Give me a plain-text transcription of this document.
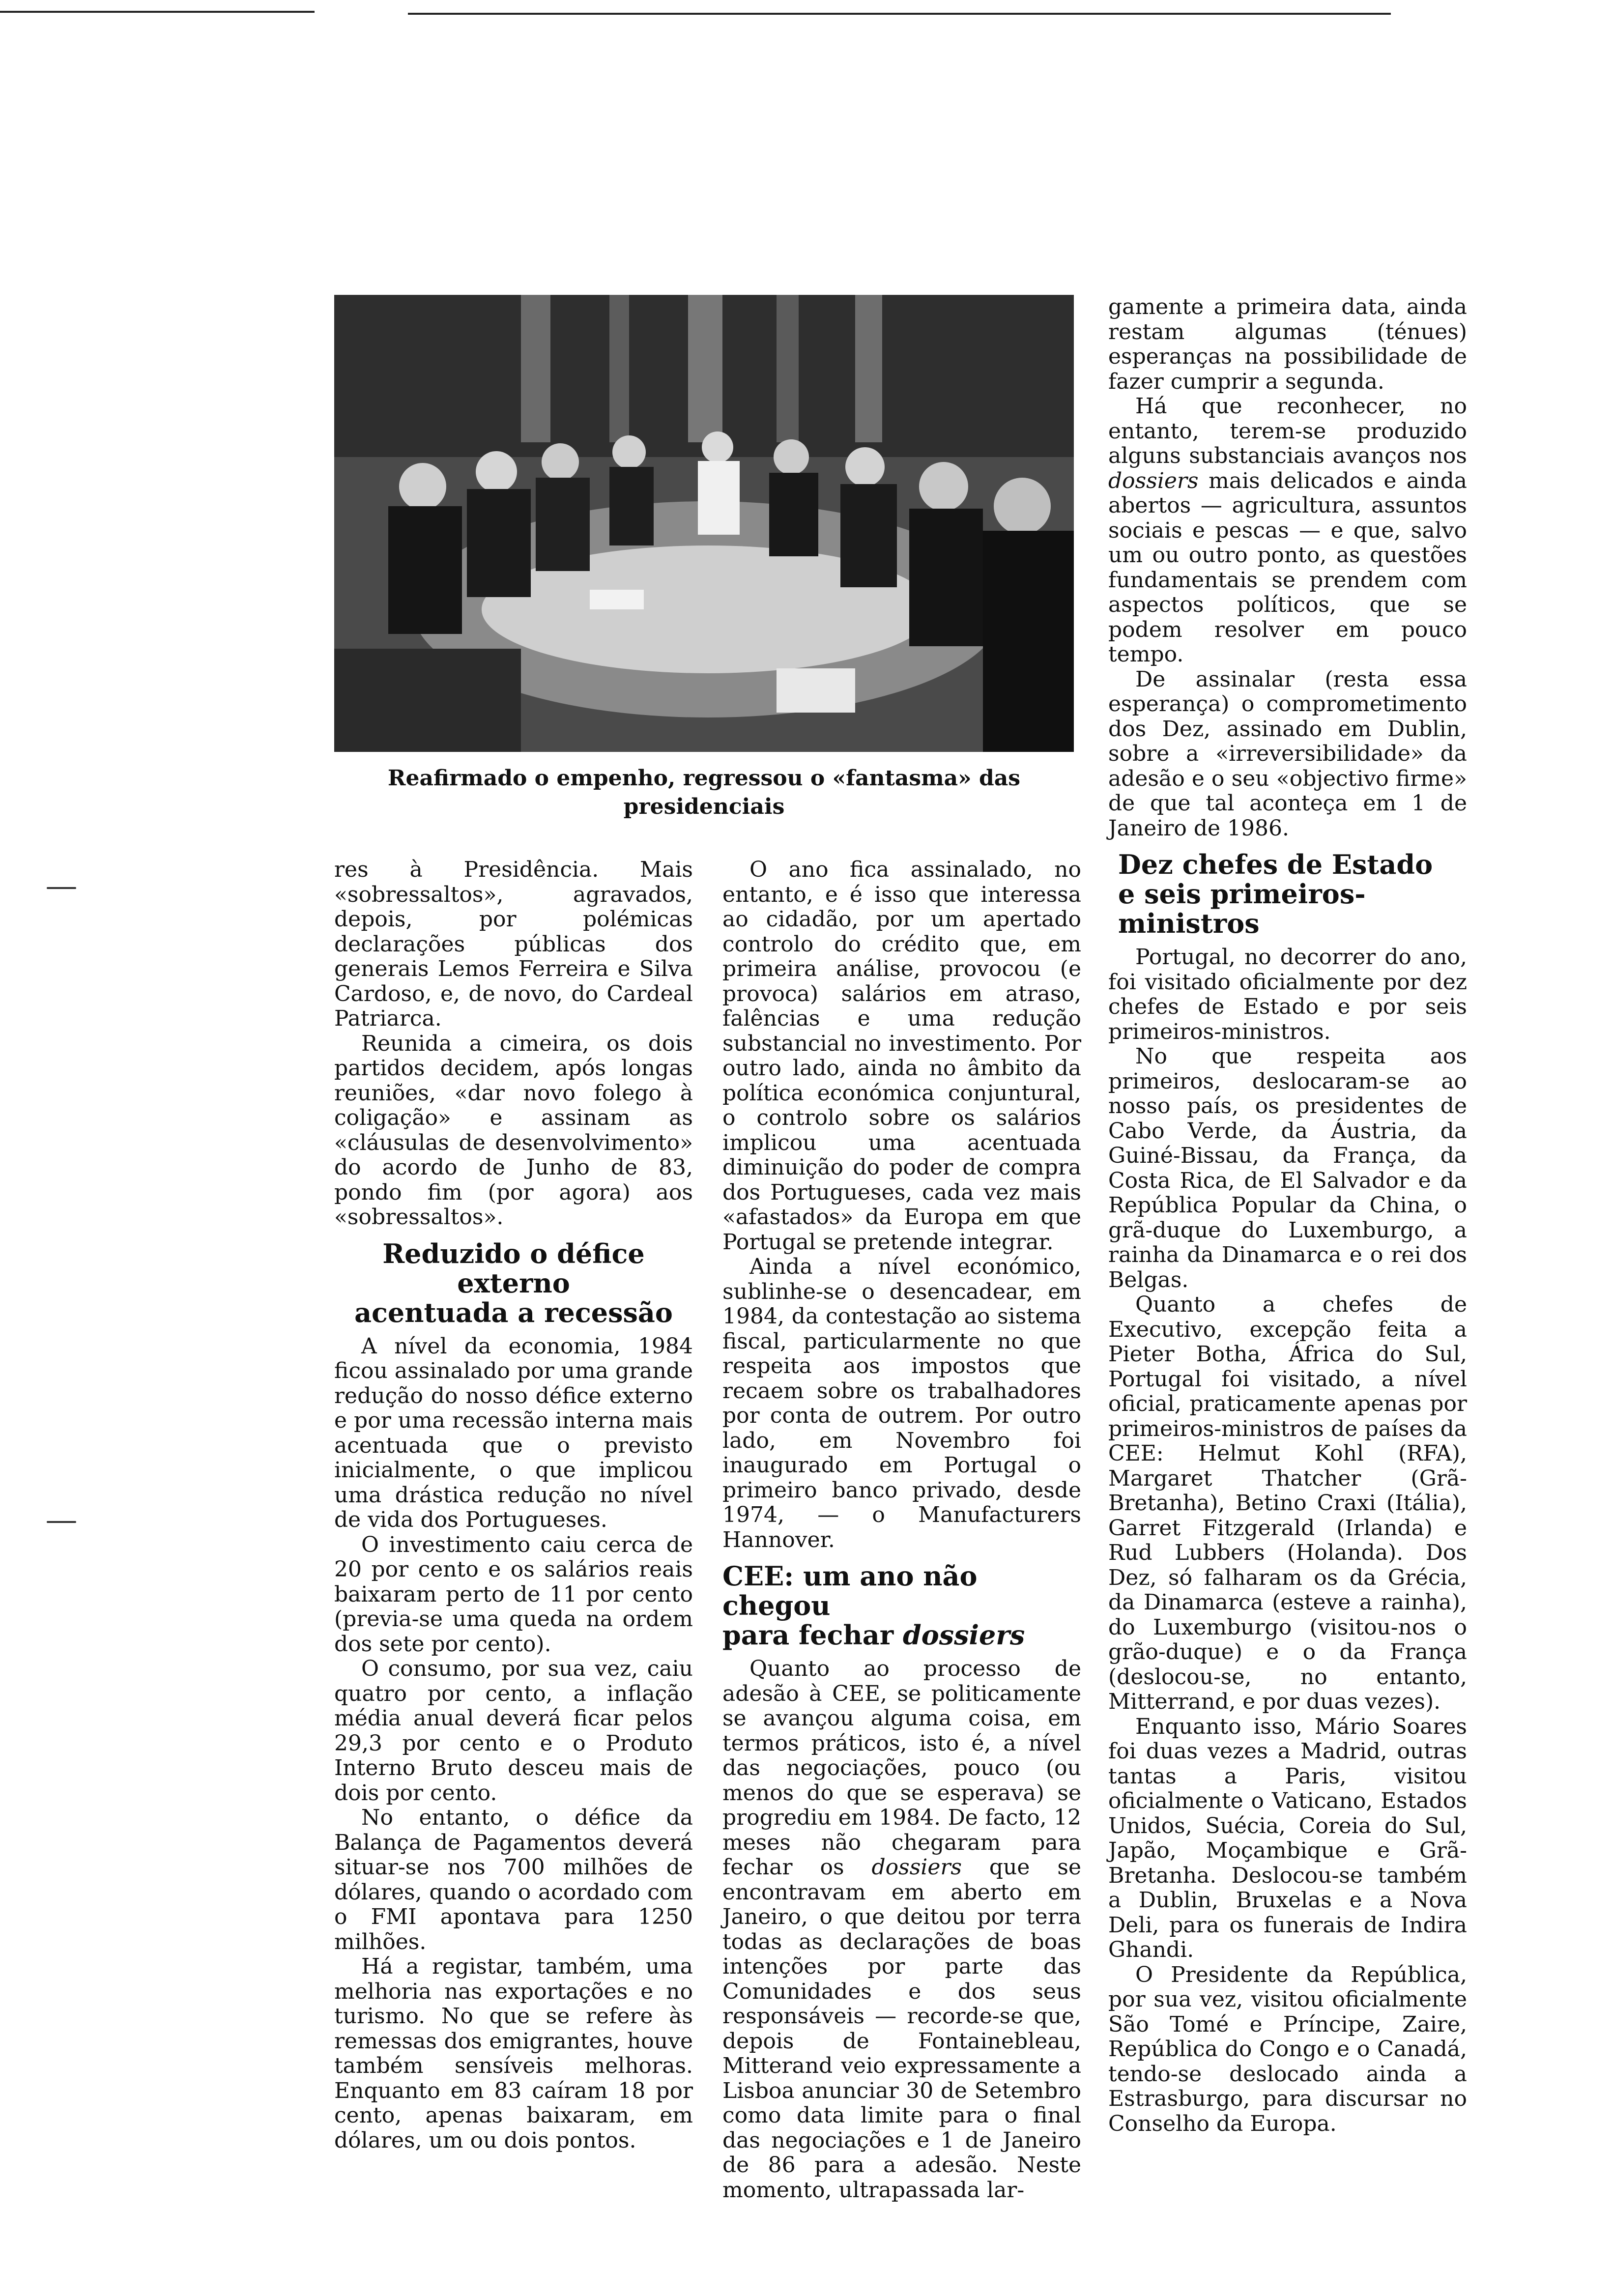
Reafirmado o empenho, regressou o «fantasma» das presidenciais

res à Presidência. Mais «sobressaltos», agravados, depois, por polémicas declarações públicas dos generais Lemos Ferreira e Silva Cardoso, e, de novo, do Cardeal Patriarca.

Reunida a cimeira, os dois partidos decidem, após longas reuniões, «dar novo folego à coligação» e assinam as «cláusulas de desenvolvimento» do acordo de Junho de 83, pondo fim (por agora) aos «sobressaltos».

Reduzido o défice externo
acentuada a recessão

A nível da economia, 1984 ficou assinalado por uma grande redução do nosso défice externo e por uma recessão interna mais acentuada que o previsto inicialmente, o que implicou uma drástica redução no nível de vida dos Portugueses.

O investimento caiu cerca de 20 por cento e os salários reais baixaram perto de 11 por cento (previa-se uma queda na ordem dos sete por cento).

O consumo, por sua vez, caiu quatro por cento, a inflação média anual deverá ficar pelos 29,3 por cento e o Produto Interno Bruto desceu mais de dois por cento.

No entanto, o défice da Balança de Pagamentos deverá situar-se nos 700 milhões de dólares, quando o acordado com o FMI apontava para 1250 milhões.

Há a registar, também, uma melhoria nas exportações e no turismo. No que se refere às remessas dos emigrantes, houve também sensíveis melhoras. Enquanto em 83 caíram 18 por cento, apenas baixaram, em dólares, um ou dois pontos.

O ano fica assinalado, no entanto, e é isso que interessa ao cidadão, por um apertado controlo do crédito que, em primeira análise, provocou (e provoca) salários em atraso, falências e uma redução substancial no investimento. Por outro lado, ainda no âmbito da política económica conjuntural, o controlo sobre os salários implicou uma acentuada diminuição do poder de compra dos Portugueses, cada vez mais «afastados» da Europa em que Portugal se pretende integrar.

Ainda a nível económico, sublinhe-se o desencadear, em 1984, da contestação ao sistema fiscal, particularmente no que respeita aos impostos que recaem sobre os trabalhadores por conta de outrem. Por outro lado, em Novembro foi inaugurado em Portugal o primeiro banco privado, desde 1974, — o Manufacturers Hannover.

CEE: um ano não chegou
para fechar dossiers

Quanto ao processo de adesão à CEE, se politicamente se avançou alguma coisa, em termos práticos, isto é, a nível das negociações, pouco (ou menos do que se esperava) se progrediu em 1984. De facto, 12 meses não chegaram para fechar os dossiers que se encontravam em aberto em Janeiro, o que deitou por terra todas as declarações de boas intenções por parte das Comunidades e dos seus responsáveis — recorde-se que, depois de Fontainebleau, Mitterand veio expressamente a Lisboa anunciar 30 de Setembro como data limite para o final das negociações e 1 de Janeiro de 86 para a adesão. Neste momento, ultrapassada lar-

gamente a primeira data, ainda restam algumas (ténues) esperanças na possibilidade de fazer cumprir a segunda.

Há que reconhecer, no entanto, terem-se produzido alguns substanciais avanços nos dossiers mais delicados e ainda abertos — agricultura, assuntos sociais e pescas — e que, salvo um ou outro ponto, as questões fundamentais se prendem com aspectos políticos, que se podem resolver em pouco tempo.

De assinalar (resta essa esperança) o comprometimento dos Dez, assinado em Dublin, sobre a «irreversibilidade» da adesão e o seu «objectivo firme» de que tal aconteça em 1 de Janeiro de 1986.

Dez chefes de Estado
e seis primeiros-ministros

Portugal, no decorrer do ano, foi visitado oficialmente por dez chefes de Estado e por seis primeiros-ministros.

No que respeita aos primeiros, deslocaram-se ao nosso país, os presidentes de Cabo Verde, da Áustria, da Guiné-Bissau, da França, da Costa Rica, de El Salvador e da República Popular da China, o grã-duque do Luxemburgo, a rainha da Dinamarca e o rei dos Belgas.

Quanto a chefes de Executivo, excepção feita a Pieter Botha, África do Sul, Portugal foi visitado, a nível oficial, praticamente apenas por primeiros-ministros de países da CEE: Helmut Kohl (RFA), Margaret Thatcher (Grã-Bretanha), Betino Craxi (Itália), Garret Fitzgerald (Irlanda) e Rud Lubbers (Holanda). Dos Dez, só falharam os da Grécia, da Dinamarca (esteve a rainha), do Luxemburgo (visitou-nos o grão-duque) e o da França (deslocou-se, no entanto, Mitterrand, e por duas vezes).

Enquanto isso, Mário Soares foi duas vezes a Madrid, outras tantas a Paris, visitou oficialmente o Vaticano, Estados Unidos, Suécia, Coreia do Sul, Japão, Moçambique e Grã-Bretanha. Deslocou-se também a Dublin, Bruxelas e a Nova Deli, para os funerais de Indira Ghandi.

O Presidente da República, por sua vez, visitou oficialmente São Tomé e Príncipe, Zaire, República do Congo e o Canadá, tendo-se deslocado ainda a Estrasburgo, para discursar no Conselho da Europa.
